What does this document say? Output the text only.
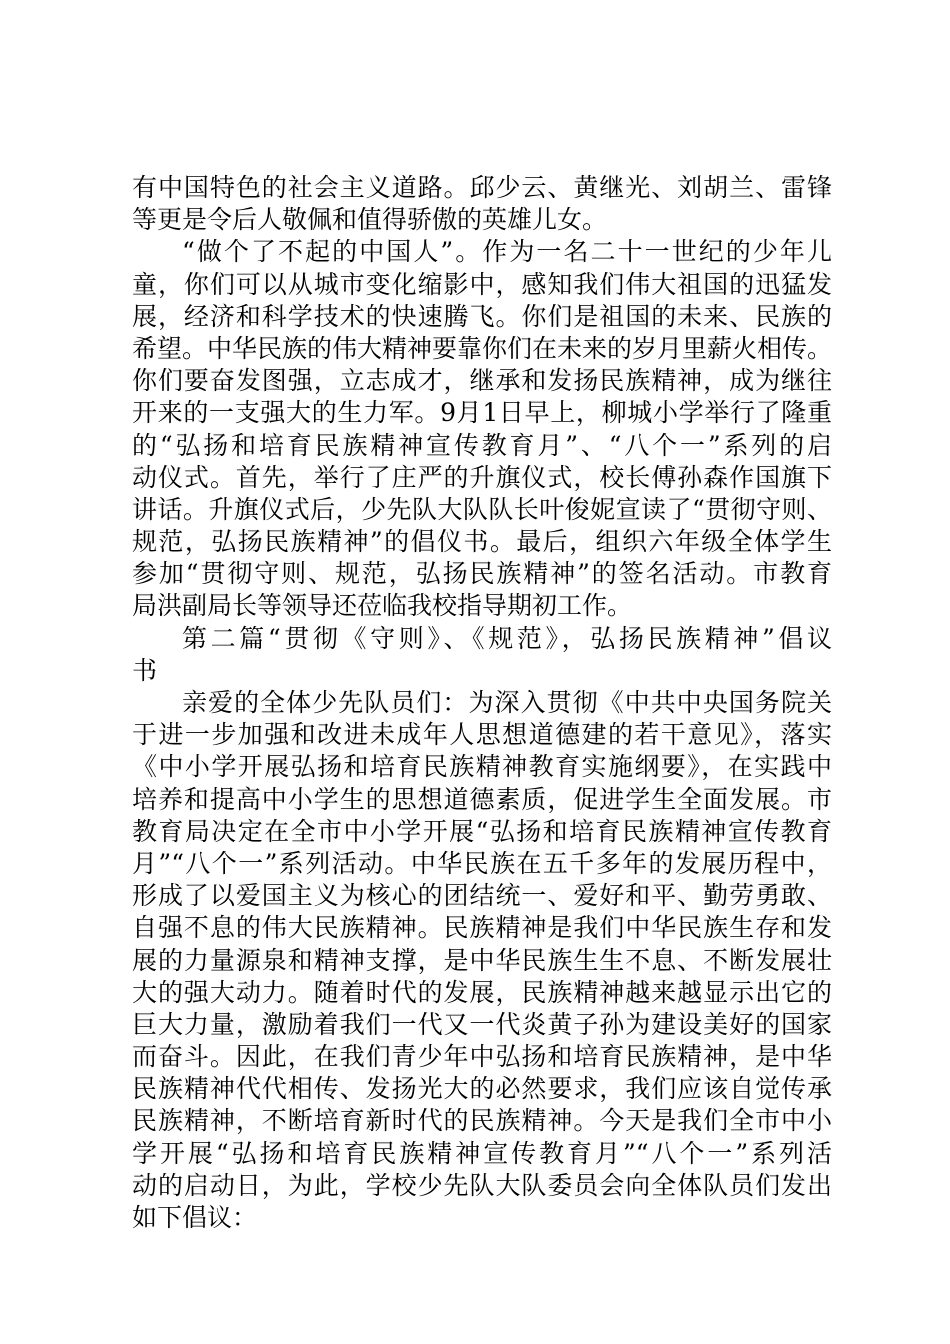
有中国特色的社会主义道路。邱少云、黄继光、刘胡兰、雷锋
等更是令后人敬佩和值得骄傲的英雄儿女。
“做个了不起的中国人”。作为一名二十一世纪的少年儿
童，你们可以从城市变化缩影中，感知我们伟大祖国的迅猛发
展，经济和科学技术的快速腾飞。你们是祖国的未来、民族的
希望。中华民族的伟大精神要靠你们在未来的岁月里薪火相传。
你们要奋发图强，立志成才，继承和发扬民族精神，成为继往
开来的一支强大的生力军。9月1日早上，柳城小学举行了隆重
的“弘扬和培育民族精神宣传教育月”、“八个一”系列的启
动仪式。首先，举行了庄严的升旗仪式，校长傅孙森作国旗下
讲话。升旗仪式后，少先队大队队长叶俊妮宣读了“贯彻守则、
规范，弘扬民族精神”的倡仪书。最后，组织六年级全体学生
参加“贯彻守则、规范，弘扬民族精神”的签名活动。市教育
局洪副局长等领导还莅临我校指导期初工作。
第二篇“贯彻《守则》、《规范》，弘扬民族精神”倡议
书
亲爱的全体少先队员们：为深入贯彻《中共中央国务院关
于进一步加强和改进未成年人思想道德建的若干意见》，落实
《中小学开展弘扬和培育民族精神教育实施纲要》，在实践中
培养和提高中小学生的思想道德素质，促进学生全面发展。市
教育局决定在全市中小学开展“弘扬和培育民族精神宣传教育
月”“八个一”系列活动。中华民族在五千多年的发展历程中，
形成了以爱国主义为核心的团结统一、爱好和平、勤劳勇敢、
自强不息的伟大民族精神。民族精神是我们中华民族生存和发
展的力量源泉和精神支撑，是中华民族生生不息、不断发展壮
大的强大动力。随着时代的发展，民族精神越来越显示出它的
巨大力量，激励着我们一代又一代炎黄子孙为建设美好的国家
而奋斗。因此，在我们青少年中弘扬和培育民族精神，是中华
民族精神代代相传、发扬光大的必然要求，我们应该自觉传承
民族精神，不断培育新时代的民族精神。今天是我们全市中小
学开展“弘扬和培育民族精神宣传教育月”“八个一”系列活
动的启动日，为此，学校少先队大队委员会向全体队员们发出
如下倡议：
